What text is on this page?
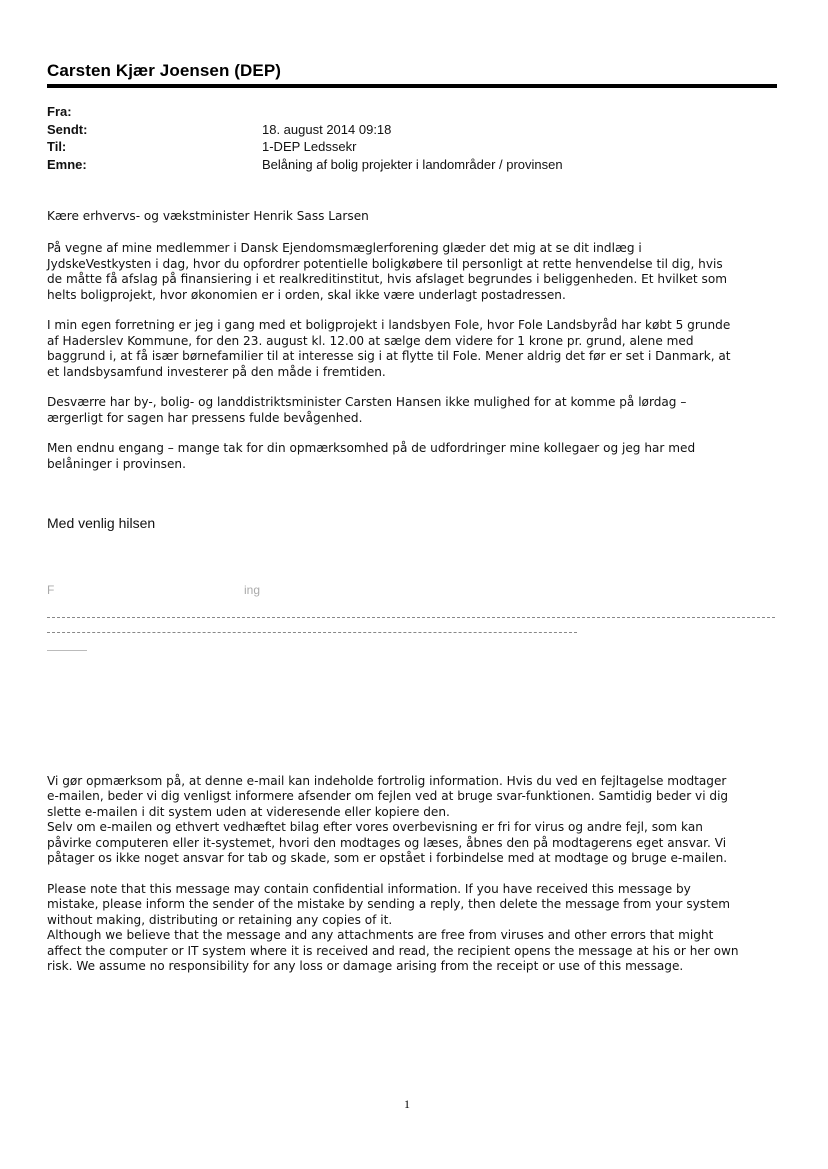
Carsten Kjær Joensen (DEP)
Fra:
Sendt:	18. august 2014 09:18
Til:	1-DEP Ledssekr
Emne:	Belåning af bolig projekter i landområder / provinsen

Kære erhvervs- og vækstminister Henrik Sass Larsen

På vegne af mine medlemmer i Dansk Ejendomsmæglerforening glæder det mig at se dit indlæg i
JydskeVestkysten i dag, hvor du opfordrer potentielle boligkøbere til personligt at rette henvendelse til dig, hvis
de måtte få afslag på finansiering i et realkreditinstitut, hvis afslaget begrundes i beliggenheden. Et hvilket som
helts boligprojekt, hvor økonomien er i orden, skal ikke være underlagt postadressen.

I min egen forretning er jeg i gang med et boligprojekt i landsbyen Fole, hvor Fole Landsbyråd har købt 5 grunde
af Haderslev Kommune, for den 23. august kl. 12.00 at sælge dem videre for 1 krone pr. grund, alene med
baggrund i, at få især børnefamilier til at interesse sig i at flytte til Fole. Mener aldrig det før er set i Danmark, at
et landsbysamfund investerer på den måde i fremtiden.

Desværre har by-, bolig- og landdistriktsminister Carsten Hansen ikke mulighed for at komme på lørdag –
ærgerligt for sagen har pressens fulde bevågenhed.

Men endnu engang – mange tak for din opmærksomhed på de udfordringer mine kollegaer og jeg har med
belåninger i provinsen.

Med venlig hilsen
F	ing

Vi gør opmærksom på, at denne e-mail kan indeholde fortrolig information. Hvis du ved en fejltagelse modtager
e-mailen, beder vi dig venligst informere afsender om fejlen ved at bruge svar-funktionen. Samtidig beder vi dig
slette e-mailen i dit system uden at videresende eller kopiere den.

Selv om e-mailen og ethvert vedhæftet bilag efter vores overbevisning er fri for virus og andre fejl, som kan
påvirke computeren eller it-systemet, hvori den modtages og læses, åbnes den på modtagerens eget ansvar. Vi
påtager os ikke noget ansvar for tab og skade, som er opstået i forbindelse med at modtage og bruge e-mailen.

Please note that this message may contain confidential information. If you have received this message by
mistake, please inform the sender of the mistake by sending a reply, then delete the message from your system
without making, distributing or retaining any copies of it.

Although we believe that the message and any attachments are free from viruses and other errors that might
affect the computer or IT system where it is received and read, the recipient opens the message at his or her own
risk. We assume no responsibility for any loss or damage arising from the receipt or use of this message.

1
